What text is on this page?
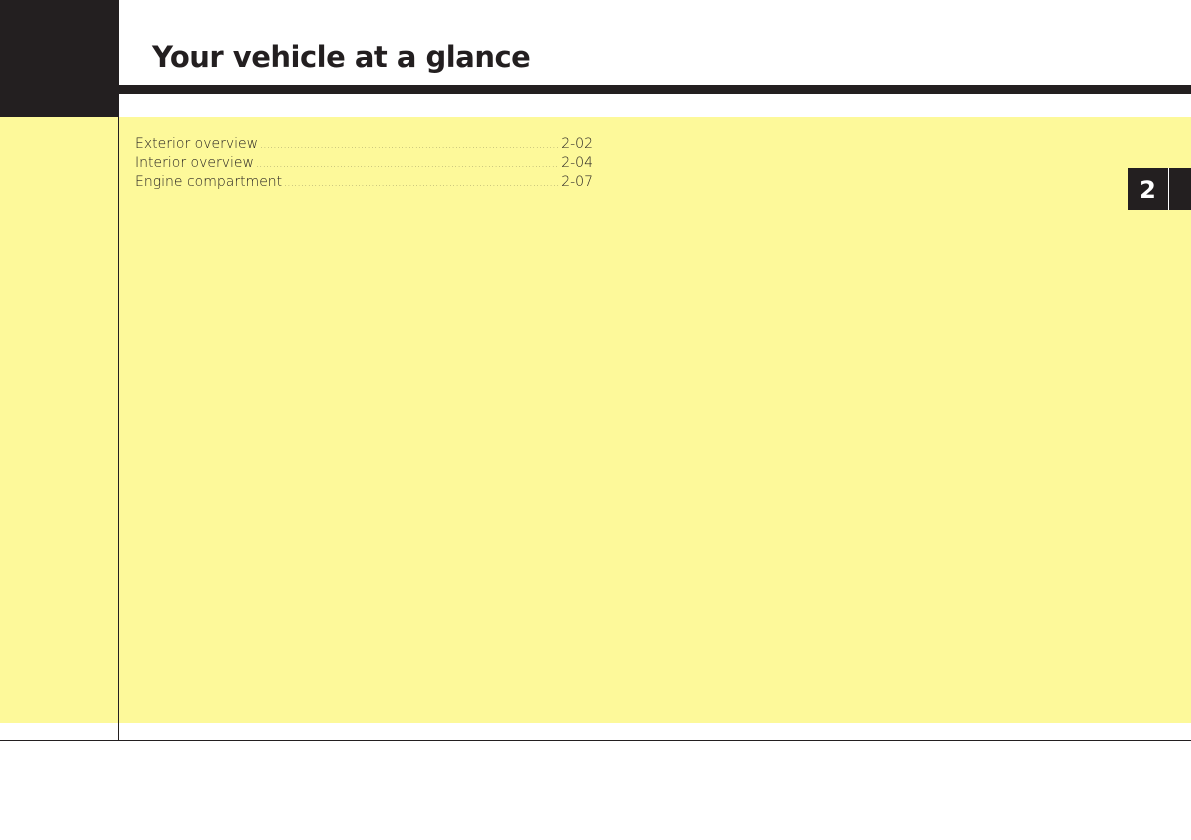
Your vehicle at a glance
Exterior overview .....	2-02
Interior overview .....	2-04
Engine compartment .....	2-07	2
